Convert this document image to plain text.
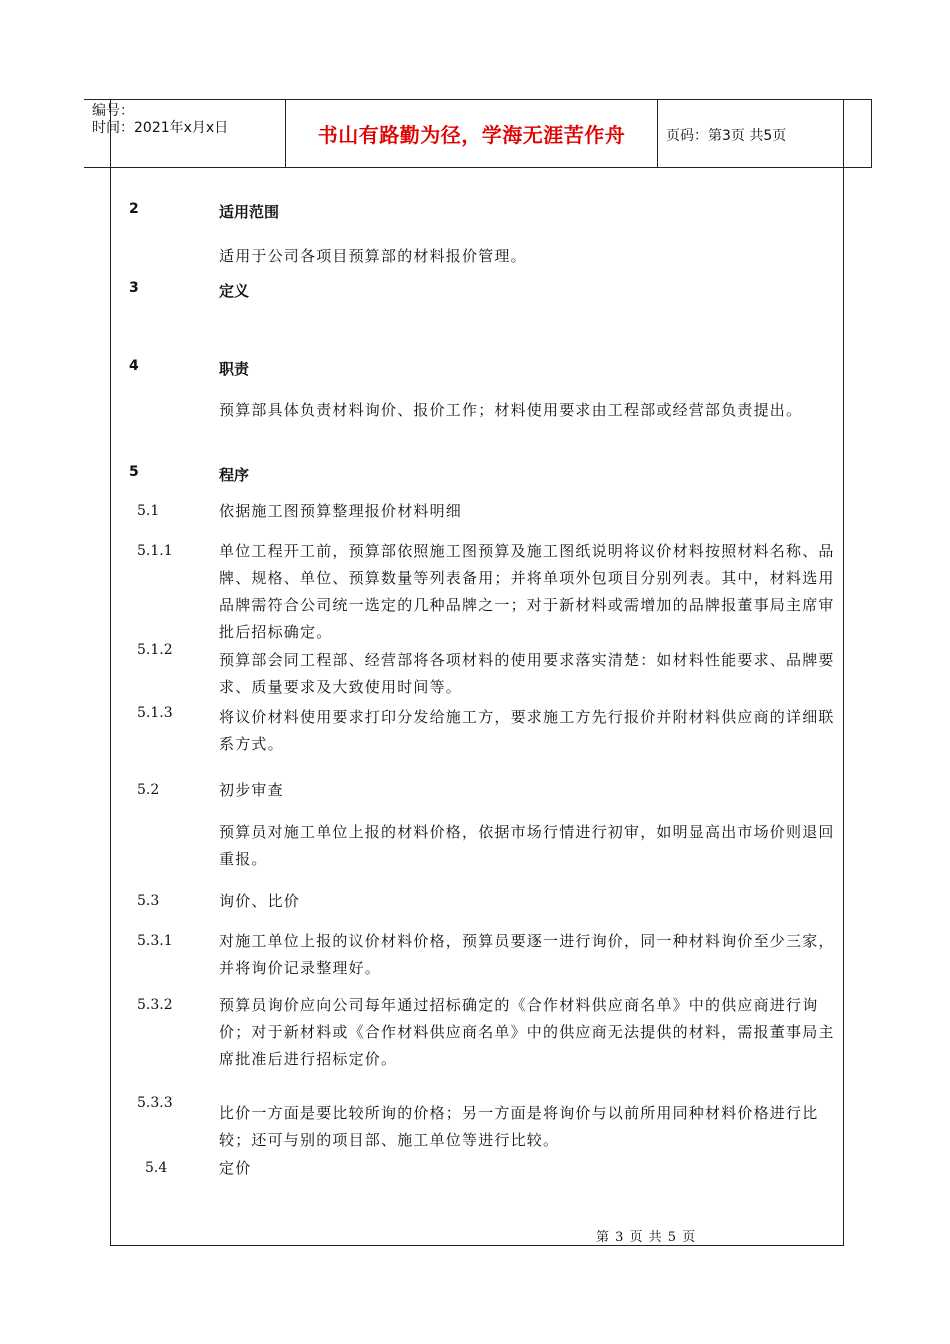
编号：
时间：2021年x月x日	书山有路勤为径，学海无涯苦作舟	页码：第3页 共5页
2	适用范围
适用于公司各项目预算部的材料报价管理。
3	定义
4	职责
预算部具体负责材料询价、报价工作；材料使用要求由工程部或经营部负责提出。
5	程序
5.1	依据施工图预算整理报价材料明细
5.1.1	单位工程开工前，预算部依照施工图预算及施工图纸说明将议价材料按照材料名称、品牌、规格、单位、预算数量等列表备用；并将单项外包项目分别列表。其中，材料选用品牌需符合公司统一选定的几种品牌之一；对于新材料或需增加的品牌报董事局主席审批后招标确定。
5.1.2
预算部会同工程部、经营部将各项材料的使用要求落实清楚：如材料性能要求、品牌要求、质量要求及大致使用时间等。
5.1.3	将议价材料使用要求打印分发给施工方，要求施工方先行报价并附材料供应商的详细联系方式。
5.2	初步审查
预算员对施工单位上报的材料价格，依据市场行情进行初审，如明显高出市场价则退回重报。
5.3	询价、比价
5.3.1	对施工单位上报的议价材料价格，预算员要逐一进行询价，同一种材料询价至少三家，并将询价记录整理好。
5.3.2	预算员询价应向公司每年通过招标确定的《合作材料供应商名单》中的供应商进行询价；对于新材料或《合作材料供应商名单》中的供应商无法提供的材料，需报董事局主席批准后进行招标定价。
5.3.3
比价一方面是要比较所询的价格；另一方面是将询价与以前所用同种材料价格进行比较；还可与别的项目部、施工单位等进行比较。
5.4	定价
第 3 页 共 5 页
